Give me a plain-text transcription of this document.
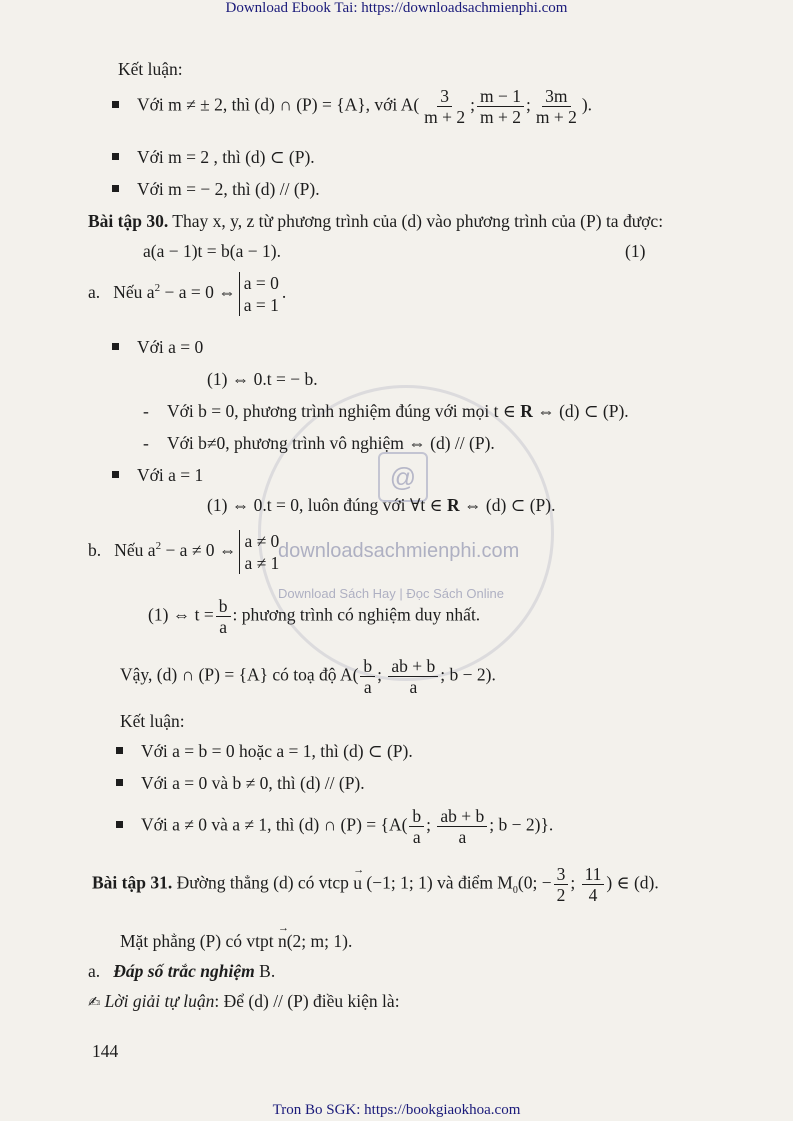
@
downloadsachmienphi.com
Download Sách Hay | Đọc Sách Online
Download Ebook Tai: https://downloadsachmienphi.com
Kết luận:
Với m ≠ ± 2, thì (d) ∩ (P) = {A}, với $A( \frac{3}{m + 2}$ ; $\frac{m - 1}{m + 2}$ ; $\frac{3m}{m + 2}$ ).
Với m = 2 , thì (d) ⊂ (P).
Với m = − 2, thì (d) // (P).
Bài tập 30. Thay x, y, z từ phương trình của (d) vào phương trình của (P) ta được:
a(a − 1)t = b(a − 1).	(1)
a. Nếu $a^2 - a = 0$ ⇔ a = 0
a = 1
.
Với a = 0
(1) ⇔ 0.t = − b.
- Với b = 0, phương trình nghiệm đúng với mọi t ∈ R ⇔ (d) ⊂ (P).
- Với b≠0, phương trình vô nghiệm ⇔ (d) // (P).
Với a = 1
(1) ⇔ 0.t = 0, luôn đúng với ∀t ∈ R ⇔ (d) ⊂ (P).
b. Nếu $a^2 - a \ne 0$ ⇔ a ≠ 0
a ≠ 1
(1) ⇔ $t = \frac{b}{a}$ : phương trình có nghiệm duy nhất.
Vậy, (d) ∩ (P) = {A} có toạ độ $A( \frac{b}{a}$ ; $\frac{ab + b}{a}$ ; b − 2).
Kết luận:
Với a = b = 0 hoặc a = 1, thì (d) ⊂ (P).
Với a = 0 và b ≠ 0, thì (d) // (P).
Với a ≠ 0 và a ≠ 1, thì (d) ∩ $(P) = \{A( \frac{b}{a}$ ; $\frac{ab + b}{a}$ ; b − 2)}.
Bài tập 31. Đường thẳng (d) có vtcp → u (−1; 1; 1) và điểm $M_0(0$; − $\frac{3}{2}$ ; $\frac{11}{4}$ ) ∈ (d).
Mặt phẳng (P) có vtpt → n(2; m; 1).
a. Đáp số trắc nghiệm B.
✍ Lời giải tự luận: Để (d) // (P) điều kiện là:
144
Tron Bo SGK: https://bookgiaokhoa.com
